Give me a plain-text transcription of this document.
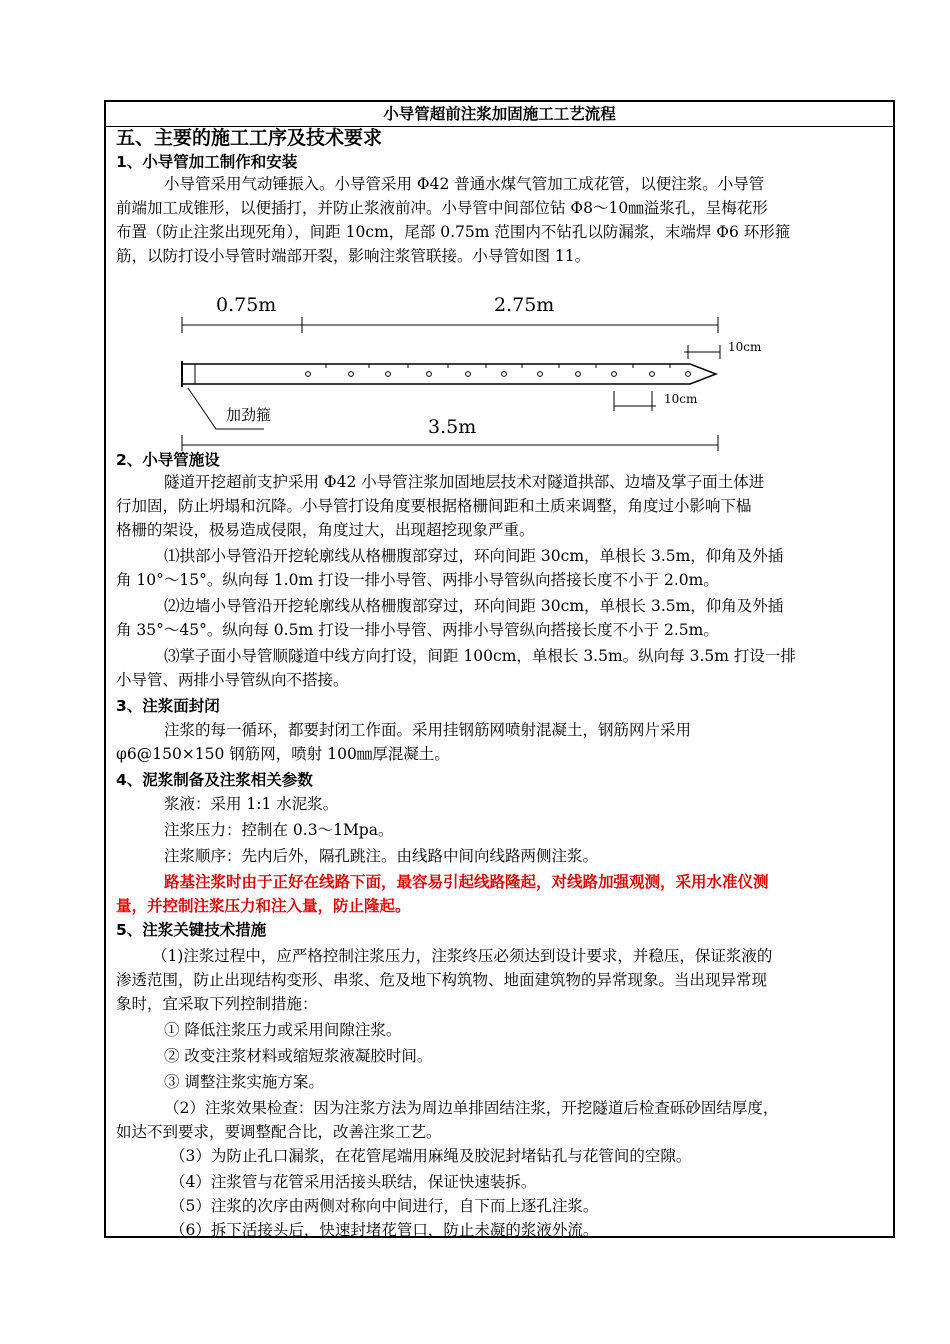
小导管超前注浆加固施工工艺流程
五、主要的施工工序及技术要求
1、小导管加工制作和安装
小导管采用气动锤振入。小导管采用 Φ42 普通水煤气管加工成花管，以便注浆。小导管
前端加工成锥形，以便插打，并防止浆液前冲。小导管中间部位钻 Φ8～10㎜溢浆孔，呈梅花形
布置（防止注浆出现死角），间距 10cm，尾部 0.75m 范围内不钻孔以防漏浆，末端焊 Φ6 环形箍
筋，以防打设小导管时端部开裂，影响注浆管联接。小导管如图 11。
0.75m	2.75m
10cm
10cm
加劲箍
3.5m
2、小导管施设
隧道开挖超前支护采用 Φ42 小导管注浆加固地层技术对隧道拱部、边墙及掌子面土体进
行加固，防止坍塌和沉降。小导管打设角度要根据格栅间距和土质来调整，角度过小影响下榀
格栅的架设，极易造成侵限，角度过大，出现超挖现象严重。
⑴拱部小导管沿开挖轮廓线从格栅腹部穿过，环向间距 30cm，单根长 3.5m，仰角及外插
角 10°～15°。纵向每 1.0m 打设一排小导管、两排小导管纵向搭接长度不小于 2.0m。
⑵边墙小导管沿开挖轮廓线从格栅腹部穿过，环向间距 30cm，单根长 3.5m，仰角及外插
角 35°～45°。纵向每 0.5m 打设一排小导管、两排小导管纵向搭接长度不小于 2.5m。
⑶掌子面小导管顺隧道中线方向打设，间距 100cm，单根长 3.5m。纵向每 3.5m 打设一排
小导管、两排小导管纵向不搭接。
3、注浆面封闭
注浆的每一循环，都要封闭工作面。采用挂钢筋网喷射混凝土，钢筋网片采用
φ6@150×150 钢筋网，喷射 100㎜厚混凝土。
4、泥浆制备及注浆相关参数
浆液：采用 1:1 水泥浆。
注浆压力：控制在 0.3～1Mpa。
注浆顺序：先内后外，隔孔跳注。由线路中间向线路两侧注浆。
路基注浆时由于正好在线路下面，最容易引起线路隆起，对线路加强观测，采用水准仪测
量，并控制注浆压力和注入量，防止隆起。
5、注浆关键技术措施
（1)注浆过程中，应严格控制注浆压力，注浆终压必须达到设计要求，并稳压，保证浆液的
渗透范围，防止出现结构变形、串浆、危及地下构筑物、地面建筑物的异常现象。当出现异常现
象时，宜采取下列控制措施：
① 降低注浆压力或采用间隙注浆。
② 改变注浆材料或缩短浆液凝胶时间。
③ 调整注浆实施方案。
（2）注浆效果检查：因为注浆方法为周边单排固结注浆，开挖隧道后检查砾砂固结厚度，
如达不到要求，要调整配合比，改善注浆工艺。
（3）为防止孔口漏浆，在花管尾端用麻绳及胶泥封堵钻孔与花管间的空隙。
（4）注浆管与花管采用活接头联结，保证快速装拆。
（5）注浆的次序由两侧对称向中间进行，自下而上逐孔注浆。
（6）拆下活接头后，快速封堵花管口，防止未凝的浆液外流。
